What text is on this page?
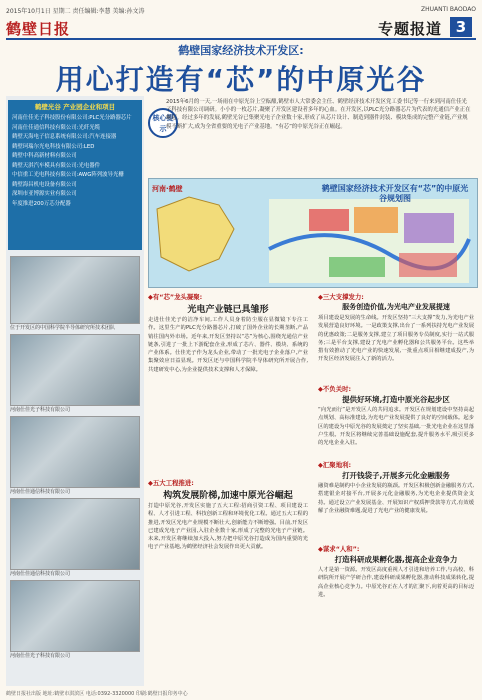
2015年10月1日 星期二 责任编辑:李慧 美编:孙文涛	ZHUANTI BAODAO
鹤壁日报	专题报道 3
鹤壁国家经济技术开发区:
用心打造有“芯”的中原光谷
河南仕佳光子科技股份有限公司:PLC光分路器芯片
河南仕佳通信科技有限公司:光纤光缆
鹤壁天海电子信息系统有限公司:汽车连接器
鹤壁珂瑞尔光电科技有限公司:LED
鹤壁中科高新材料有限公司
鹤壁天淇汽车模具有限公司:光电器件
中信重工光电科技有限公司:AWG阵列波导光栅
鹤壁海昌机电设备有限公司
深圳市亚博源实业有限公司
年度推进200万芯分配器
鹤壁光谷 产业园企业和项目
位于开发区的中国科学院半导体研究所技术团队
河南仕佳光子科技有限公司
河南仕佳通信科技有限公司
河南仕佳通信科技有限公司
河南仕佳光子科技有限公司
核心提示
2015年6月的一天,一场雨在中原光谷上空酝酿,鹤壁市人大常委会主任、鹤壁经济技术开发区党工委书记等一行来到河南仕佳光子科技有限公司调研。小小的一枚芯片,凝聚了开发区建设者多年的心血。在开发区,以PLC光分路器芯片为代表的光通信产业正在崛起。经过多年的发展,鹤壁光谷已集聚光电子企业数十家,形成了从芯片设计、制造到器件封装、模块集成的完整产业链,产业规模不断扩大,成为全省重要的光电子产业基地。“有芯”的中原光谷正在崛起。
河南·鹤壁	鹤壁国家经济技术开发区有“芯”的中原光谷规划图
◆有“芯”龙头凝聚:
光电产业链已具雏形
走进仕佳光子的洁净车间,工作人员身着防尘服在显微镜下专注工作。这里生产的PLC光分路器芯片,打破了国外企业的长期垄断,产品销往国内外市场。近年来,开发区坚持以“芯”为核心,围绕光通信产业链条,引进了一批上下游配套企业,形成了芯片、器件、模块、系统的产业体系。仕佳光子作为龙头企业,带动了一批光电子企业落户,产业集聚效应日益显现。开发区还与中国科学院半导体研究所开展合作,共建研发中心,为企业提供技术支撑和人才保障。
◆五大工程推进:
构筑发展阶梯,加速中原光谷崛起
打造中原光谷,开发区实施了五大工程:招商引资工程、项目建设工程、人才引进工程、科技创新工程和环境优化工程。通过五大工程的推进,开发区光电产业规模不断壮大,创新能力不断增强。目前,开发区已建成光电子产业园,入驻企业数十家,形成了完整的光电子产业链。未来,开发区将继续加大投入,努力把中原光谷打造成为国内重要的光电子产业基地,为鹤壁经济社会发展作出更大贡献。
◆三大支撑发力:
服务创造价值,为光电产业发展提速
项目建设是发展的生命线。开发区坚持“三大支撑”发力,为光电产业发展营造良好环境。一是政策支撑,出台了一系列扶持光电产业发展的优惠政策;二是服务支撑,建立了项目服务专员制度,实行一站式服务;三是平台支撑,建设了光电产业孵化器和公共服务平台。这些举措有效推动了光电产业的快速发展,一批重点项目相继建成投产,为开发区经济发展注入了新的活力。
◆不负关时:
提供好环境,打造中原光谷起步区
“向光而行”是开发区人的共同追求。开发区在规划建设中坚持高起点规划、高标准建设,为光电产业发展提供了良好的空间载体。起步区的建设为中原光谷的发展奠定了坚实基础,一批光电企业在这里落户生根。开发区将继续完善基础设施配套,提升服务水平,吸引更多的光电企业入驻。
◆汇聚地利:
打开钱袋子,开展多元化金融服务
融资难是制约中小企业发展的瓶颈。开发区积极创新金融服务方式,搭建银企对接平台,开展多元化金融服务,为光电企业提供资金支持。通过设立产业发展基金、开展知识产权质押贷款等方式,有效缓解了企业融资难题,促进了光电产业的健康发展。
◆谋求“人和”:
打造科研成果孵化器,提高企业竞争力
人才是第一资源。开发区高度重视人才引进和培养工作,与高校、科研院所开展产学研合作,建设科研成果孵化器,推动科技成果转化,提高企业核心竞争力。中原光谷正在人才的汇聚下,向着更高的目标迈进。
鹤壁日报社出版 地址:鹤壁市淇滨区 电话:0392-3320000 印刷:鹤壁日报印务中心
